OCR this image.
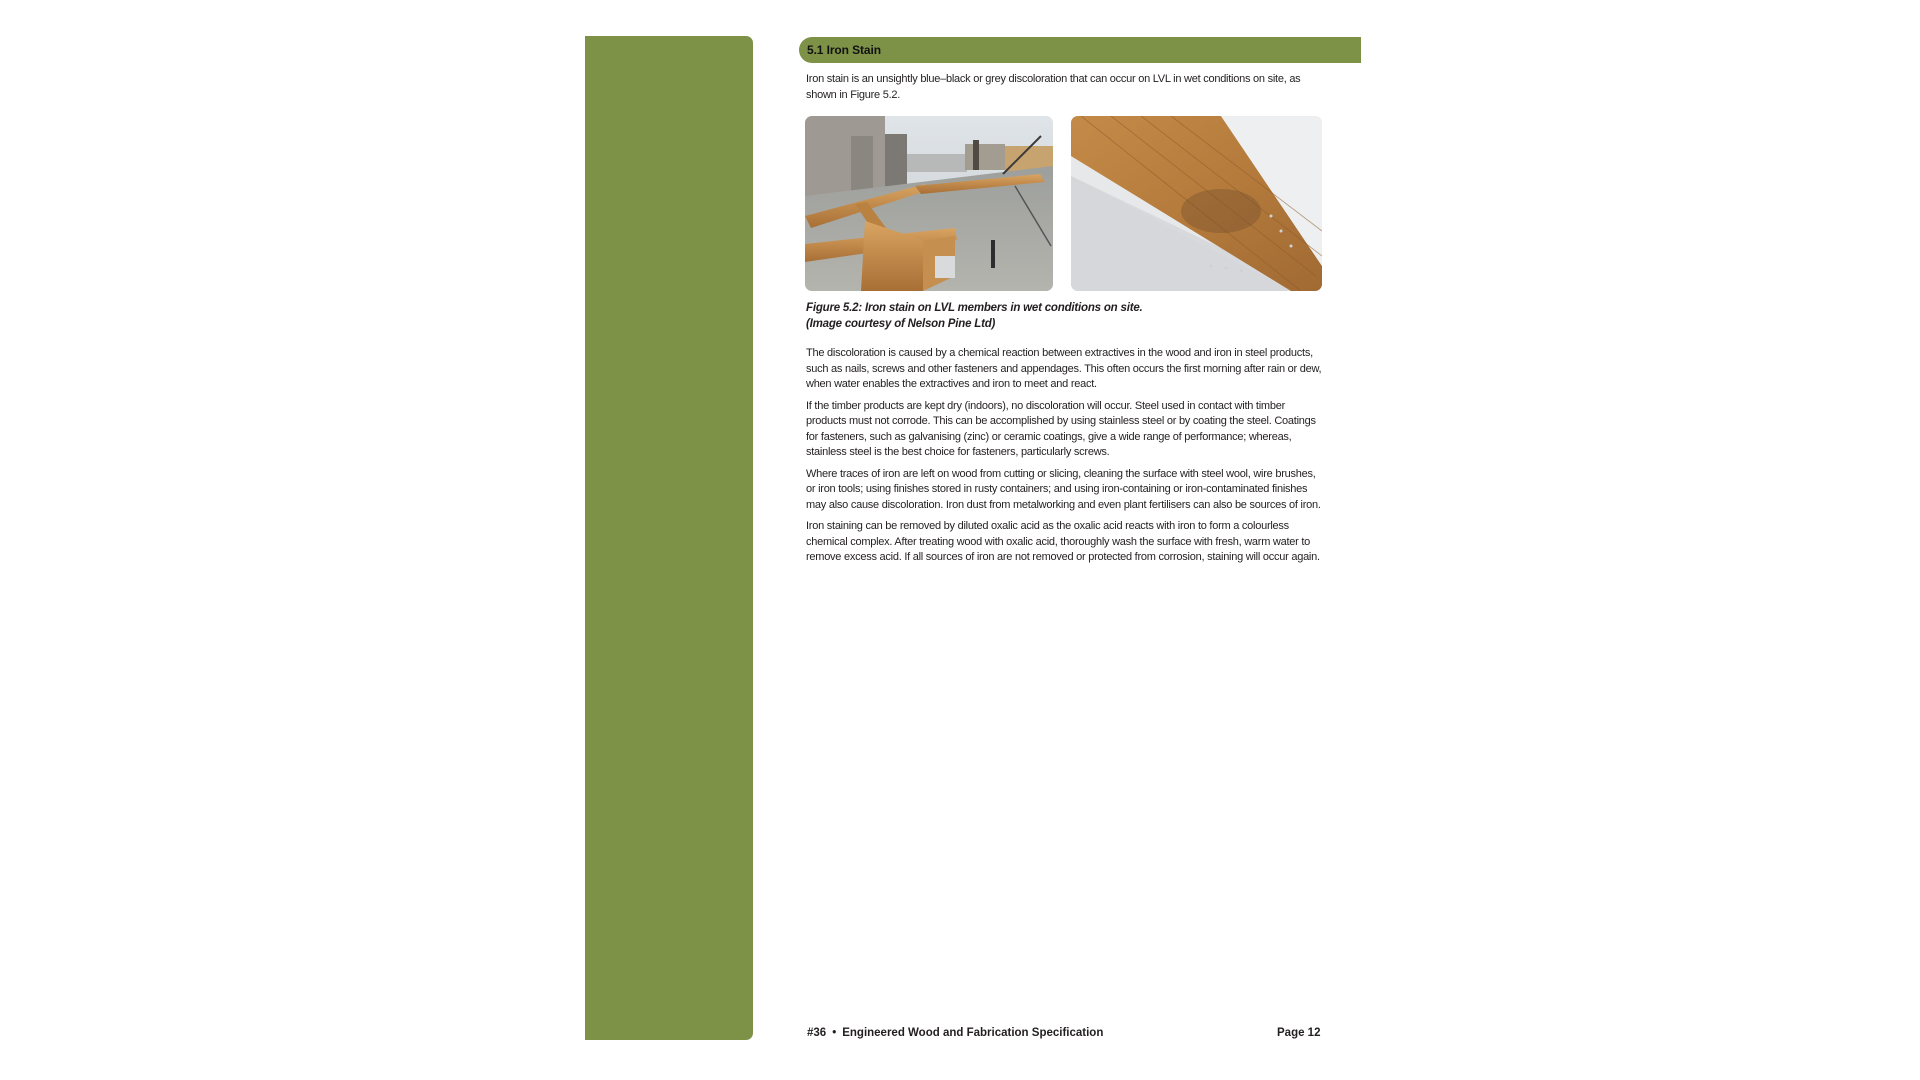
5.1 Iron Stain

Iron stain is an unsightly blue–black or grey discoloration that can occur on LVL in wet conditions on site, as shown in Figure 5.2.

Figure 5.2: Iron stain on LVL members in wet conditions on site.
(Image courtesy of Nelson Pine Ltd)

The discoloration is caused by a chemical reaction between extractives in the wood and iron in steel products, such as nails, screws and other fasteners and appendages. This often occurs the first morning after rain or dew, when water enables the extractives and iron to meet and react.

If the timber products are kept dry (indoors), no discoloration will occur. Steel used in contact with timber products must not corrode. This can be accomplished by using stainless steel or by coating the steel. Coatings for fasteners, such as galvanising (zinc) or ceramic coatings, give a wide range of performance; whereas, stainless steel is the best choice for fasteners, particularly screws.

Where traces of iron are left on wood from cutting or slicing, cleaning the surface with steel wool, wire brushes, or iron tools; using finishes stored in rusty containers; and using iron-containing or iron-contaminated finishes may also cause discoloration. Iron dust from metalworking and even plant fertilisers can also be sources of iron.

Iron staining can be removed by diluted oxalic acid as the oxalic acid reacts with iron to form a colourless chemical complex. After treating wood with oxalic acid, thoroughly wash the surface with fresh, warm water to remove excess acid. If all sources of iron are not removed or protected from corrosion, staining will occur again.

#36 • Engineered Wood and Fabrication Specification	Page 12
